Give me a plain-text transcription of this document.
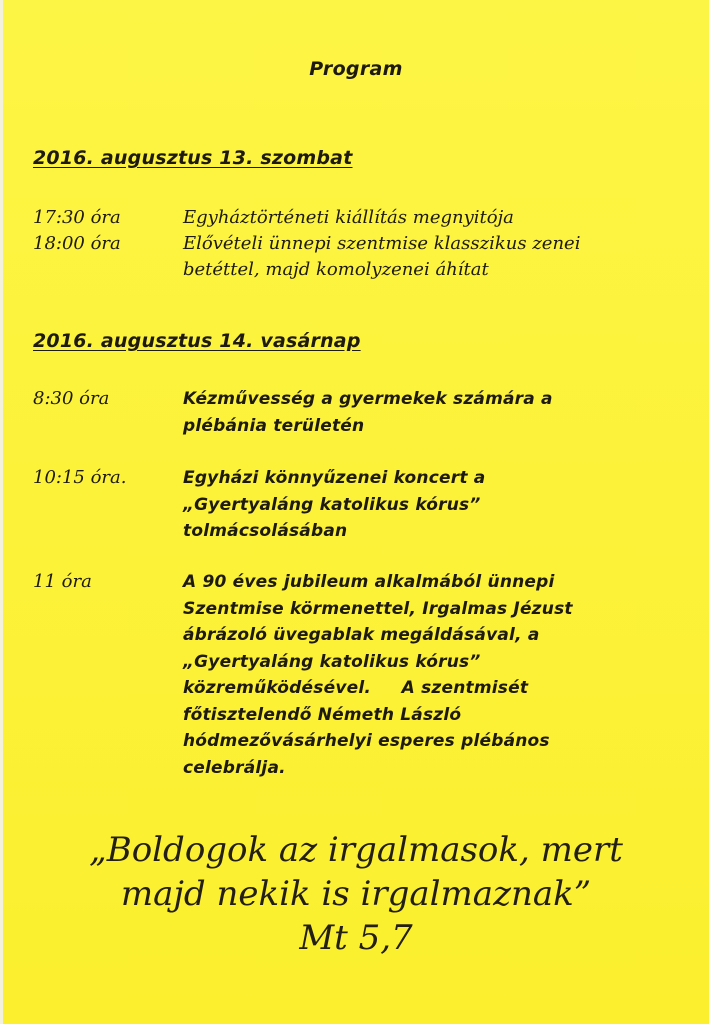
Program
2016. augusztus 13. szombat
17:30 óra	Egyháztörténeti kiállítás megnyitója
18:00 óra	Elővételi ünnepi szentmise klasszikus zenei
betéttel, majd komolyzenei áhítat
2016. augusztus 14. vasárnap
8:30 óra	Kézművesség a gyermekek számára a
plébánia területén
10:15 óra.	Egyházi könnyűzenei koncert a
„Gyertyaláng katolikus kórus”
tolmácsolásában
11 óra	A 90 éves jubileum alkalmából ünnepi
Szentmise körmenettel, Irgalmas Jézust
ábrázoló üvegablak megáldásával, a
„Gyertyaláng katolikus kórus”
közreműködésével.     A szentmisét
főtisztelendő Németh László
hódmezővásárhelyi esperes plébános
celebrálja.
„Boldogok az irgalmasok, mert
majd nekik is irgalmaznak”
Mt 5,7
